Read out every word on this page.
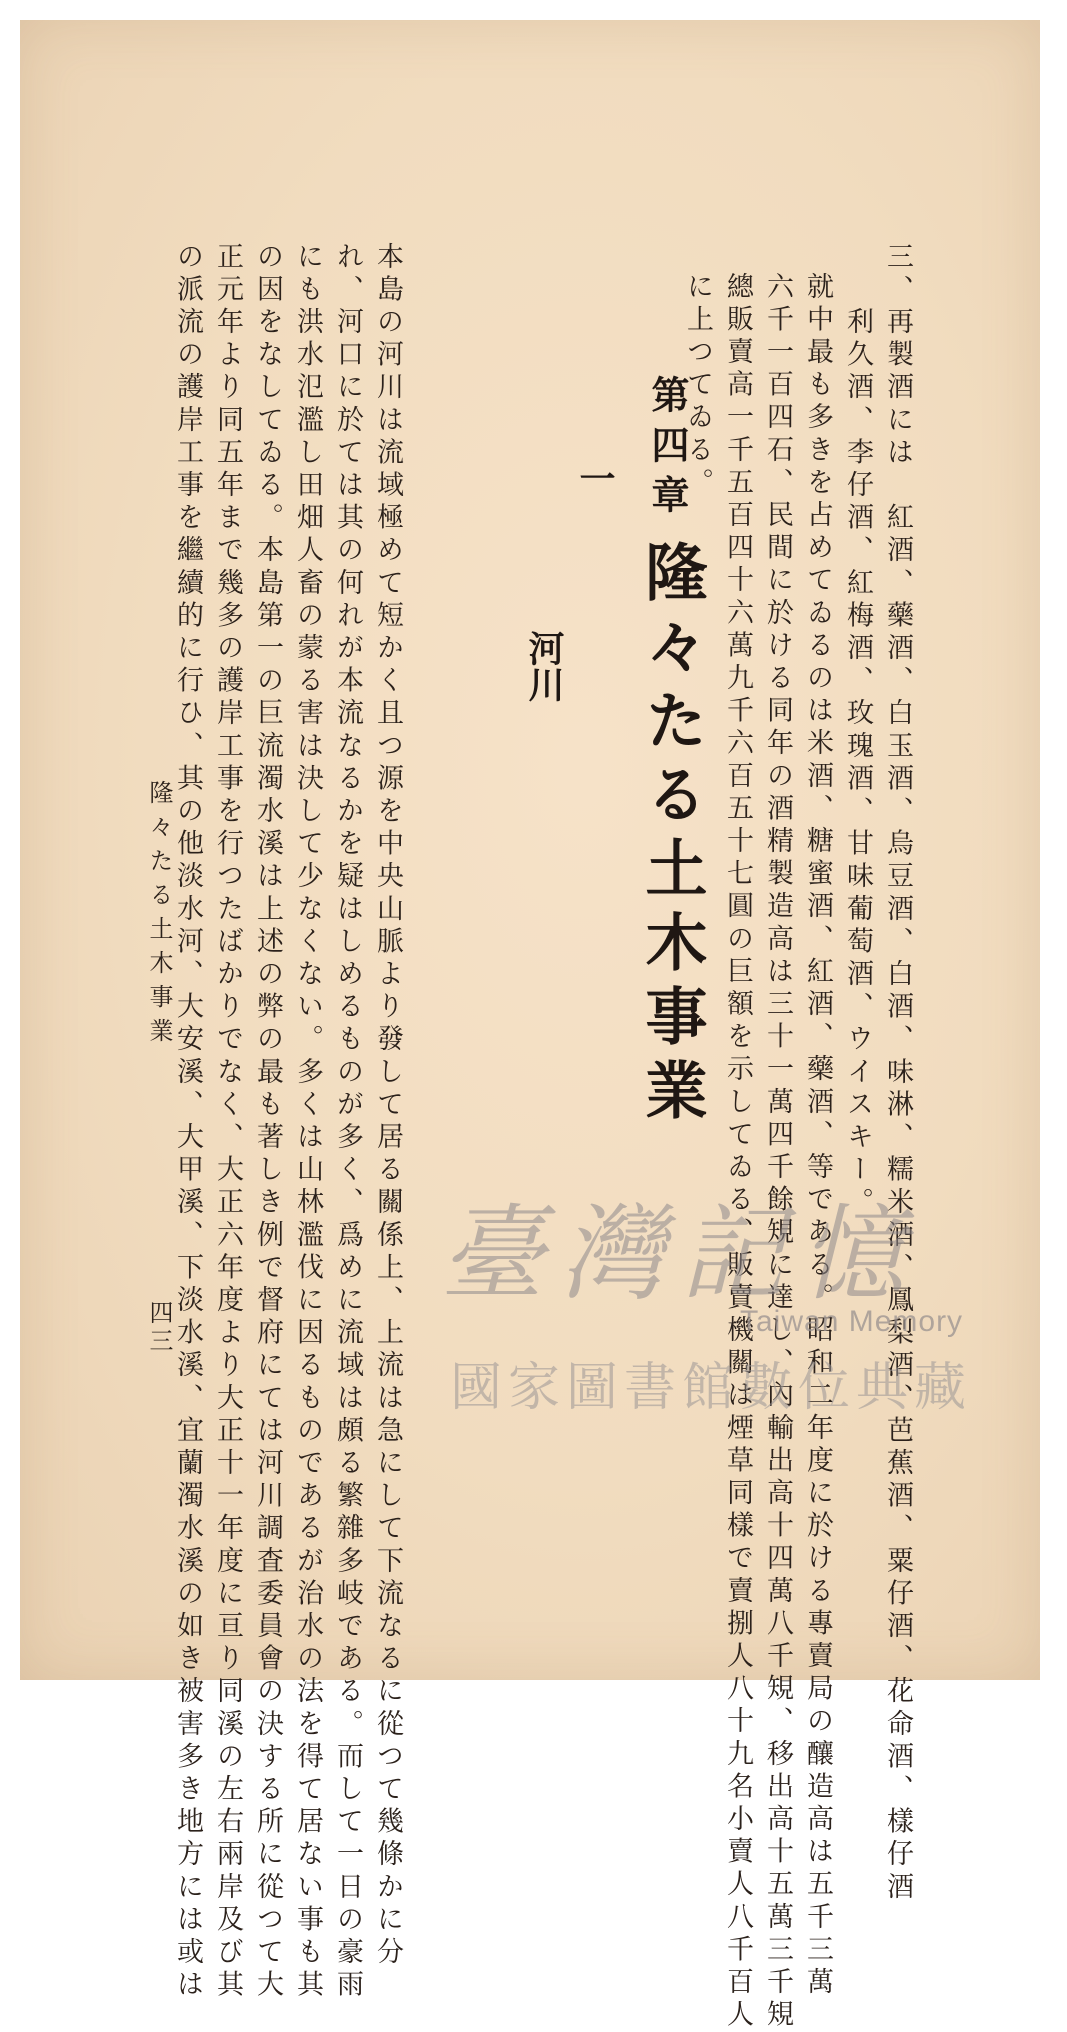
三、再製酒には　紅酒、藥酒、白玉酒、烏豆酒、白酒、味淋、糯米酒、鳳梨酒、芭蕉酒、粟仔酒、花命酒、樣仔酒
　　利久酒、李仔酒、紅梅酒、玫瑰酒、甘味葡萄酒、ウイスキー。
就中最も多きを占めてゐるのは米酒、糖蜜酒、紅酒、藥酒、等である。昭和二年度に於ける專賣局の釀造高は五千三萬
六千一百四石、民間に於ける同年の酒精製造高は三十一萬四千餘䂓に達し、內輸出高十四萬八千䂓、移出高十五萬三千䂓
總販賣高一千五百四十六萬九千六百五十七圓の巨額を示してゐる、販賣機關は煙草同樣で賣捌人八十九名小賣人八千百人
に上つてゐる。
第四章
隆々たる土木事業
一
河川
本島の河川は流域極めて短かく且つ源を中央山脈より發して居る關係上、上流は急にして下流なるに從つて幾條かに分
れ、河口に於ては其の何れが本流なるかを疑はしめるものが多く、爲めに流域は頗る繁雜多岐である。而して一日の豪雨
にも洪水氾濫し田畑人畜の蒙る害は決して少なくない。多くは山林濫伐に因るものであるが治水の法を得て居ない事も其
の因をなしてゐる。本島第一の巨流濁水溪は上述の弊の最も著しき例で督府にては河川調査委員會の決する所に從つて大
正元年より同五年まで幾多の護岸工事を行つたばかりでなく、大正六年度より大正十一年度に亘り同溪の左右兩岸及び其
の派流の護岸工事を繼續的に行ひ、其の他淡水河、大安溪、大甲溪、下淡水溪、宜蘭濁水溪の如き被害多き地方には或は
隆々たる土木事業
四三
臺灣記憶
Taiwan Memory
國家圖書館數位典藏
